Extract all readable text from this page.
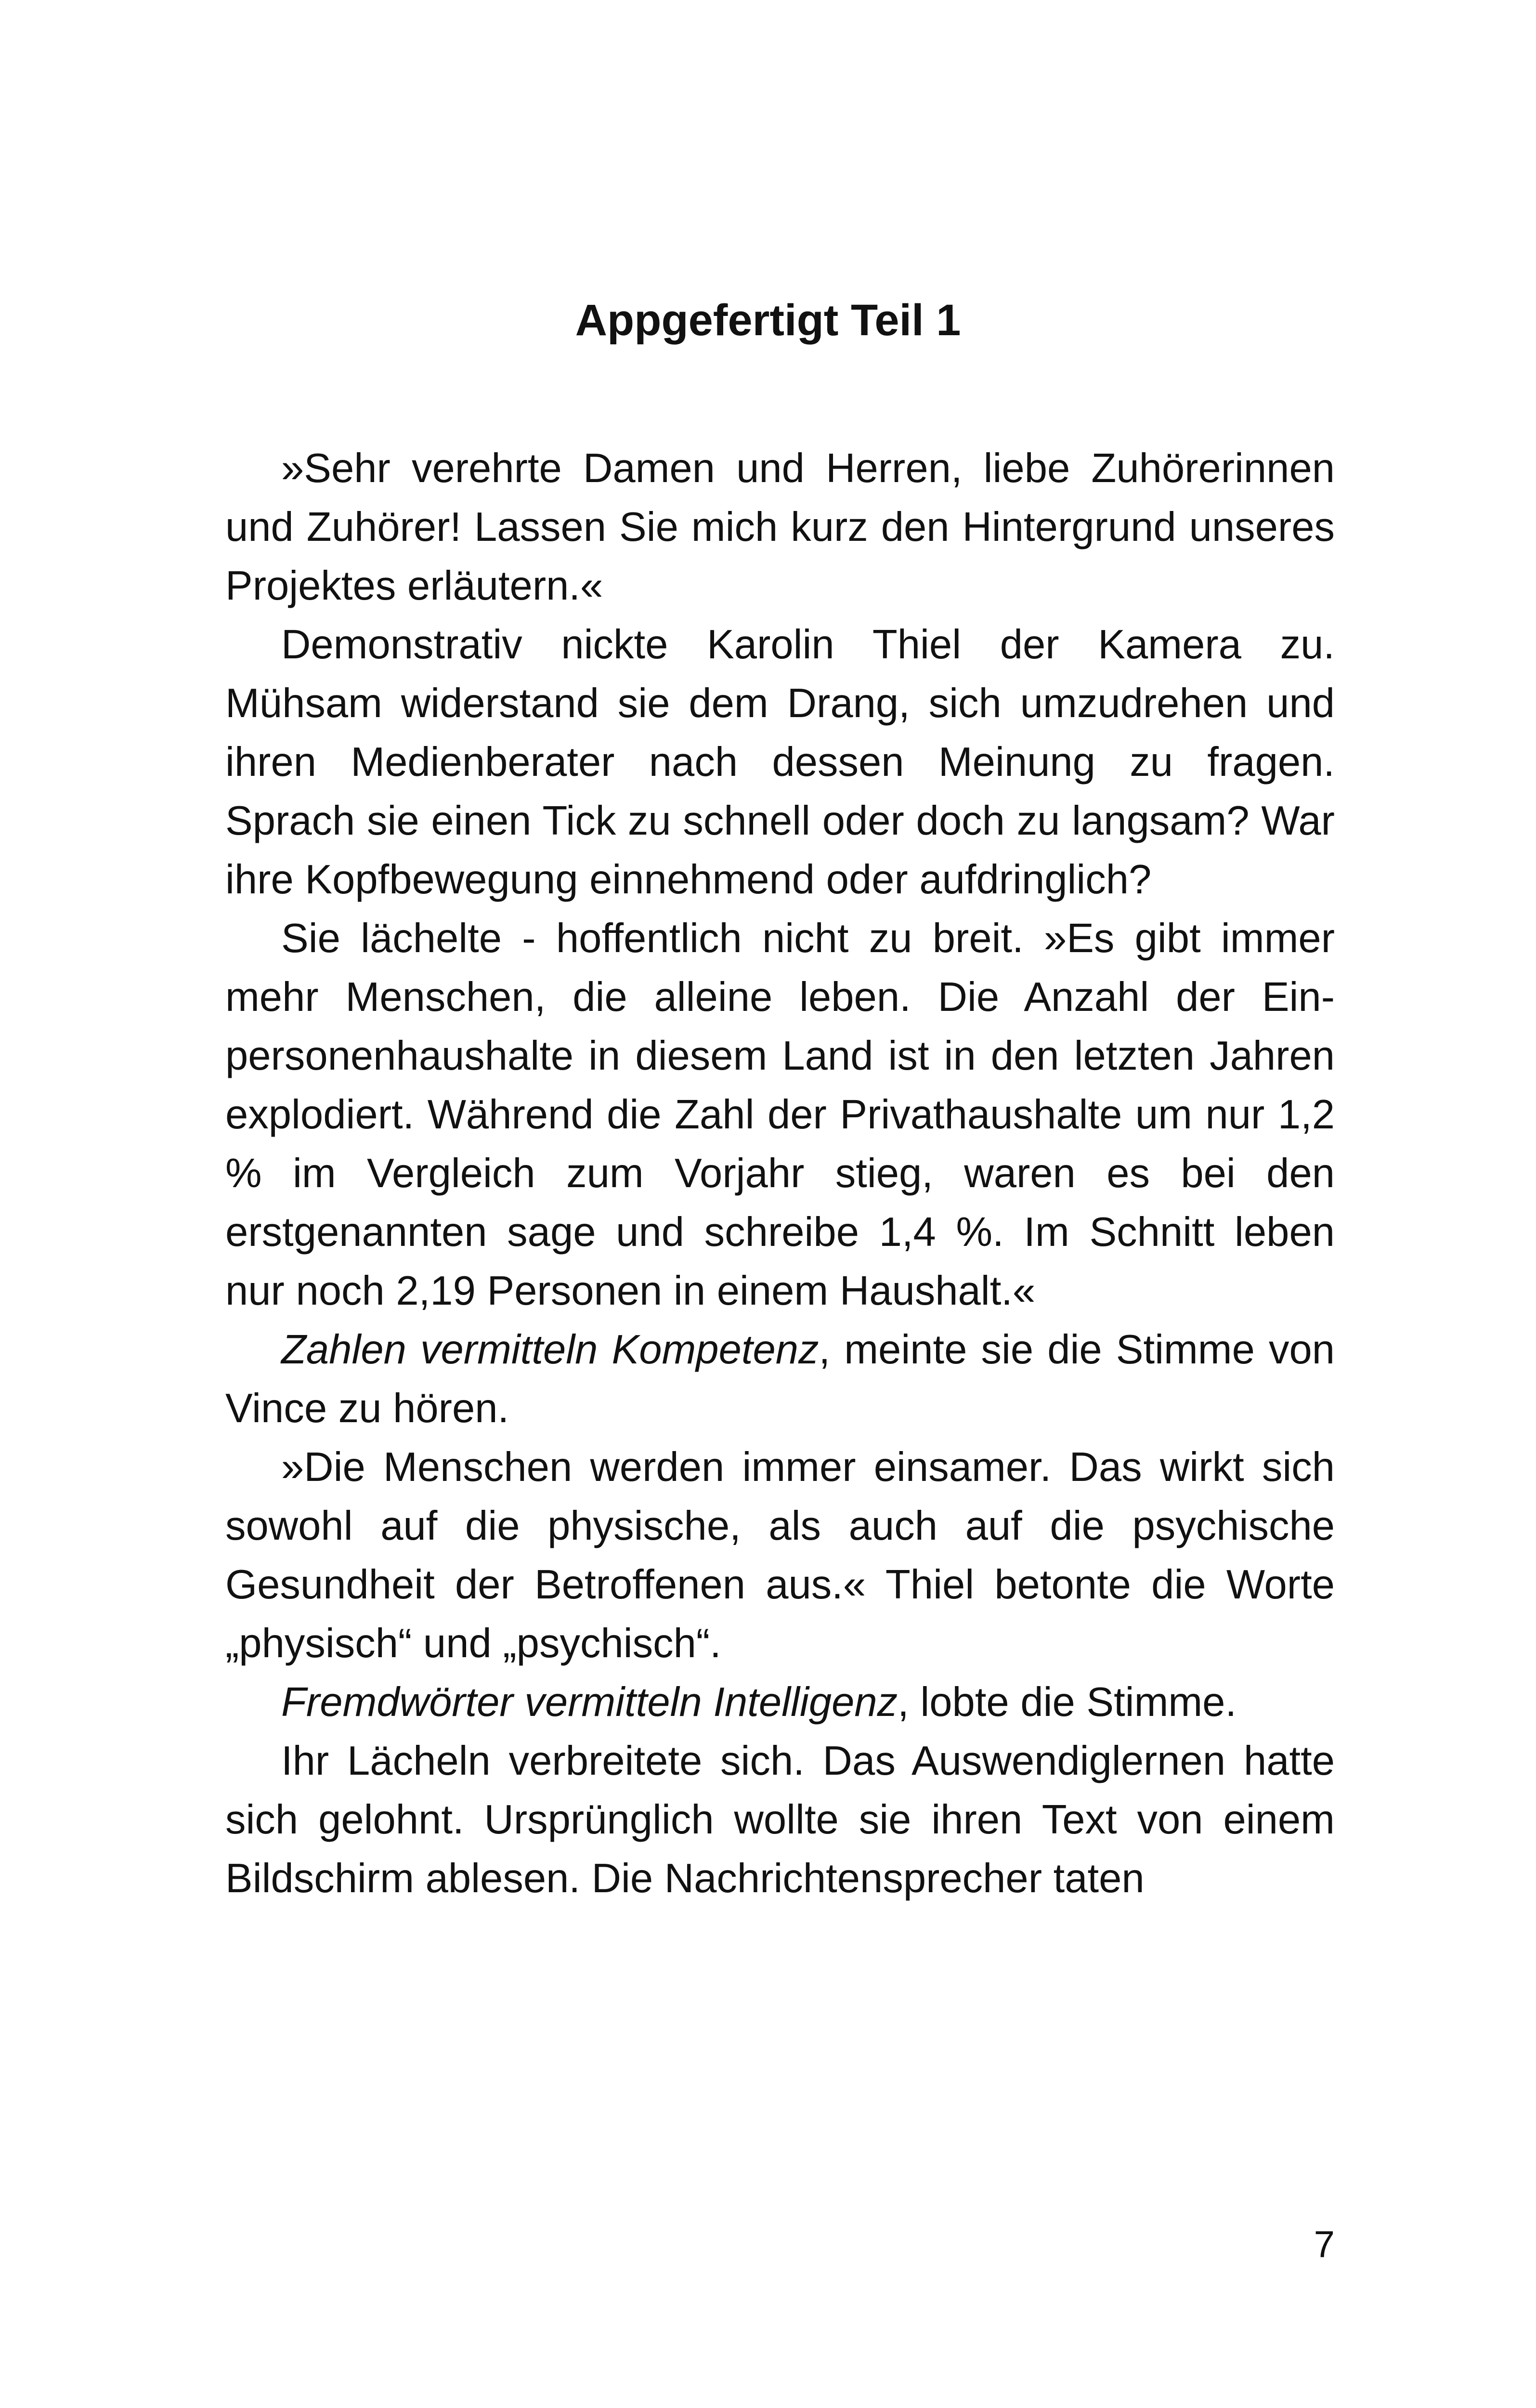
Appgefertigt Teil 1

»Sehr verehrte Damen und Herren, liebe Zuhörerinnen und Zuhörer! Lassen Sie mich kurz den Hintergrund unseres Projektes erläutern.«

Demonstrativ nickte Karolin Thiel der Kamera zu. Mühsam widerstand sie dem Drang, sich umzudrehen und ihren Medienberater nach dessen Meinung zu fragen. Sprach sie einen Tick zu schnell oder doch zu langsam? War ihre Kopfbewegung einnehmend oder aufdringlich?

Sie lächelte - hoffentlich nicht zu breit. »Es gibt immer mehr Menschen, die alleine leben. Die Anzahl der Einpersonenhaushalte in diesem Land ist in den letzten Jahren explodiert. Während die Zahl der Privathaushalte um nur 1,2 % im Vergleich zum Vorjahr stieg, waren es bei den erstgenannten sage und schreibe 1,4 %. Im Schnitt leben nur noch 2,19 Personen in einem Haushalt.«

Zahlen vermitteln Kompetenz, meinte sie die Stimme von Vince zu hören.

»Die Menschen werden immer einsamer. Das wirkt sich sowohl auf die physische, als auch auf die psychische Gesundheit der Betroffenen aus.« Thiel betonte die Worte „physisch“ und „psychisch“.

Fremdwörter vermitteln Intelligenz, lobte die Stimme.

Ihr Lächeln verbreitete sich. Das Auswendiglernen hatte sich gelohnt. Ursprünglich wollte sie ihren Text von einem Bildschirm ablesen. Die Nachrichtensprecher taten

7
